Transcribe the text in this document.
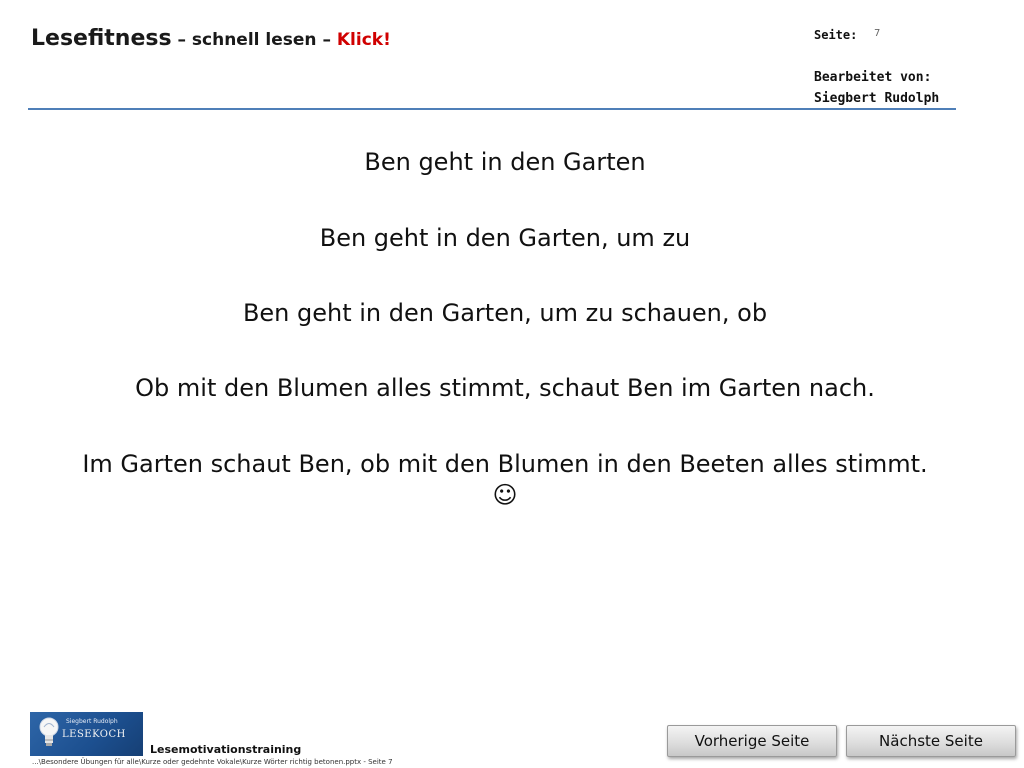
Lesefitness – schnell lesen – Klick!	Seite: 7
Bearbeitet von:
Siegbert Rudolph
Ben geht in den Garten
Ben geht in den Garten, um zu
Ben geht in den Garten, um zu schauen, ob
Ob mit den Blumen alles stimmt, schaut Ben im Garten nach.
Im Garten schaut Ben, ob mit den Blumen in den Beeten alles stimmt.
☺
Siegbert Rudolph
LESEKOCH
Lesemotivationstraining
...\Besondere Übungen für alle\Kurze oder gedehnte Vokale\Kurze Wörter richtig betonen.pptx - Seite 7
Vorherige Seite	Nächste Seite
